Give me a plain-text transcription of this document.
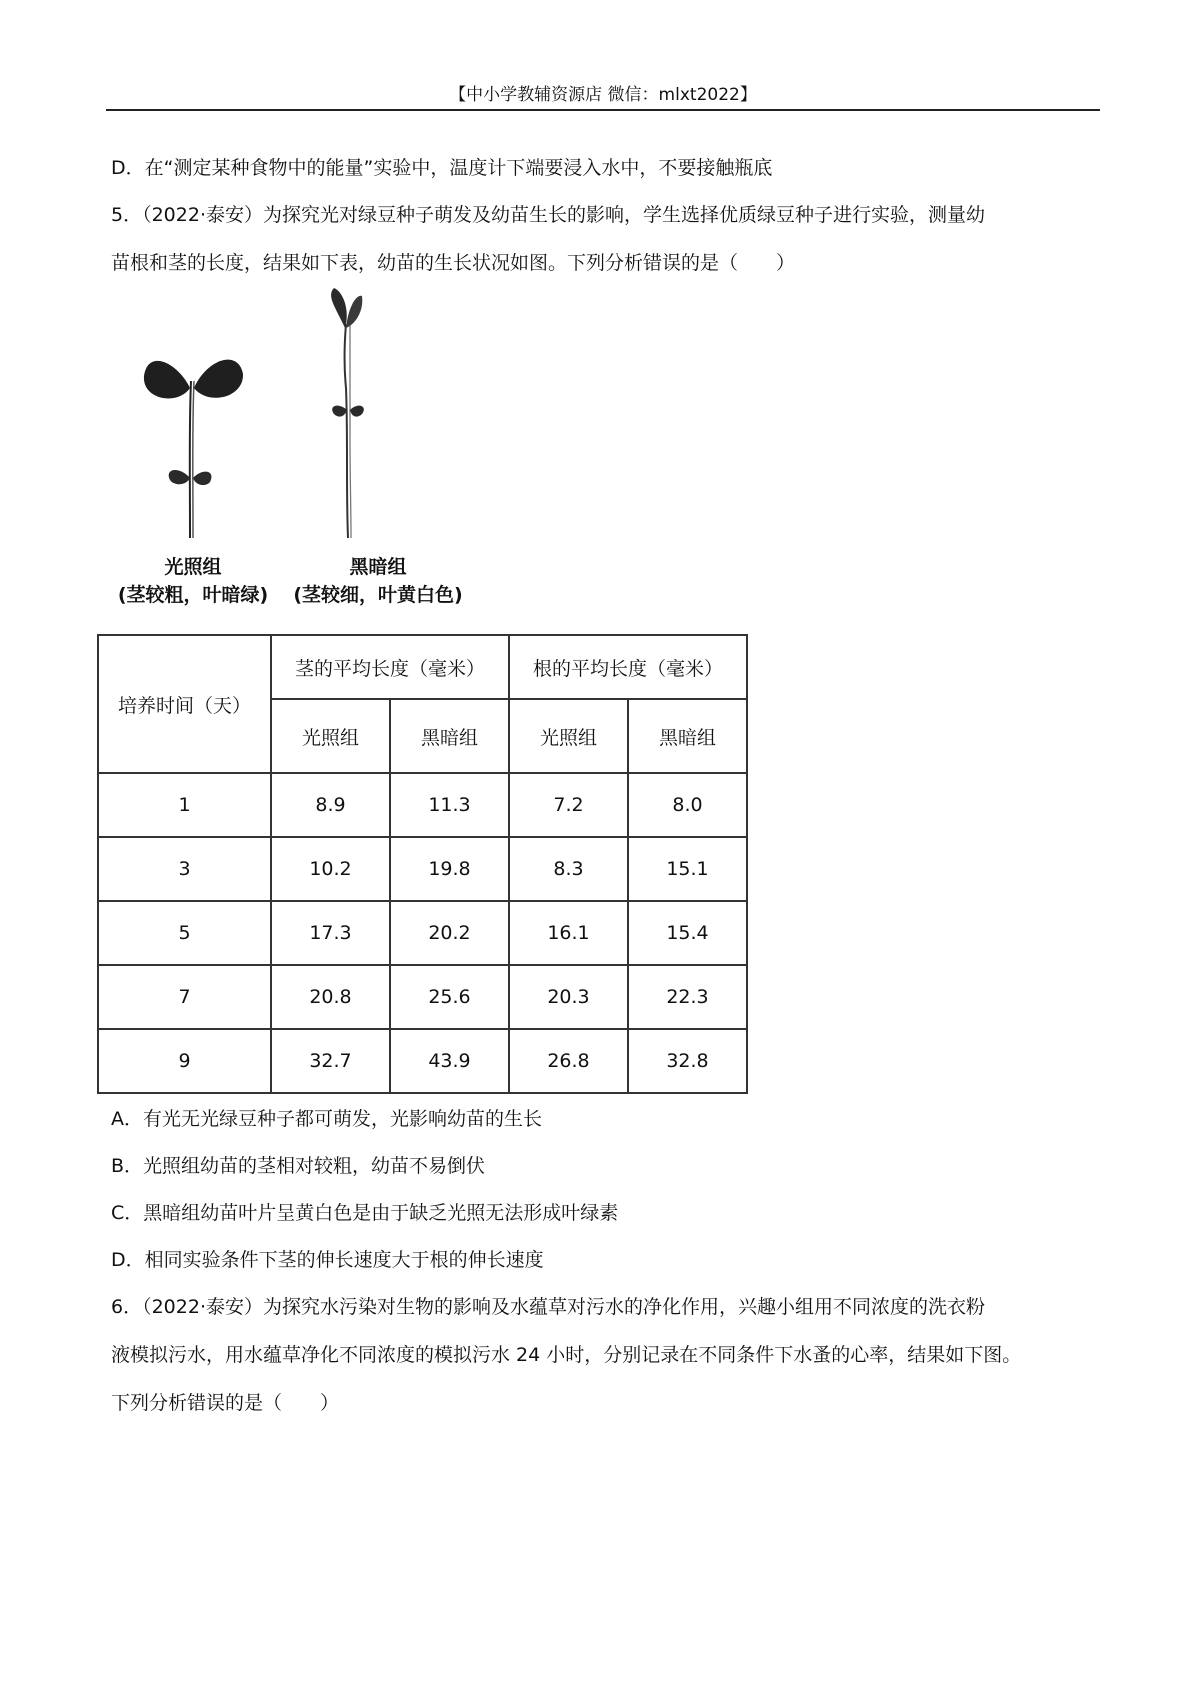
【中小学教辅资源店 微信：mlxt2022】
D．在“测定某种食物中的能量”实验中，温度计下端要浸入水中，不要接触瓶底
5．（2022·泰安）为探究光对绿豆种子萌发及幼苗生长的影响，学生选择优质绿豆种子进行实验，测量幼
苗根和茎的长度，结果如下表，幼苗的生长状况如图。下列分析错误的是（　　）
光照组
(茎较粗，叶暗绿)
黑暗组
(茎较细，叶黄白色)
培养时间（天）	茎的平均长度（毫米）		根的平均长度（毫米）	
	光照组	黑暗组	光照组	黑暗组
1	8.9	11.3	7.2	8.0
3	10.2	19.8	8.3	15.1
5	17.3	20.2	16.1	15.4
7	20.8	25.6	20.3	22.3
9	32.7	43.9	26.8	32.8
A．有光无光绿豆种子都可萌发，光影响幼苗的生长
B．光照组幼苗的茎相对较粗，幼苗不易倒伏
C．黑暗组幼苗叶片呈黄白色是由于缺乏光照无法形成叶绿素
D．相同实验条件下茎的伸长速度大于根的伸长速度
6．（2022·泰安）为探究水污染对生物的影响及水蕴草对污水的净化作用，兴趣小组用不同浓度的洗衣粉
液模拟污水，用水蕴草净化不同浓度的模拟污水 24 小时，分别记录在不同条件下水蚤的心率，结果如下图。
下列分析错误的是（　　）
